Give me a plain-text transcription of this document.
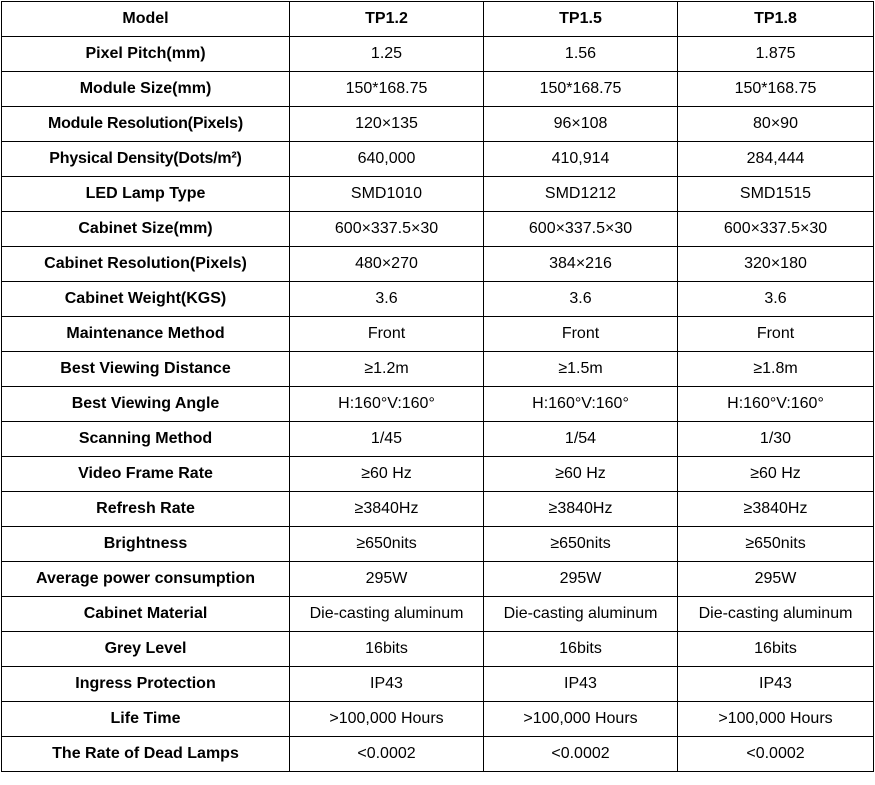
Model	TP1.2	TP1.5	TP1.8
Pixel Pitch(mm)	1.25	1.56	1.875
Module Size(mm)	150*168.75	150*168.75	150*168.75
Module Resolution(Pixels)	120×135	96×108	80×90
Physical Density(Dots/m²)	640,000	410,914	284,444
LED Lamp Type	SMD1010	SMD1212	SMD1515
Cabinet Size(mm)	600×337.5×30	600×337.5×30	600×337.5×30
Cabinet Resolution(Pixels)	480×270	384×216	320×180
Cabinet Weight(KGS)	3.6	3.6	3.6
Maintenance Method	Front	Front	Front
Best Viewing Distance	≥1.2m	≥1.5m	≥1.8m
Best Viewing Angle	H:160°V:160°	H:160°V:160°	H:160°V:160°
Scanning Method	1/45	1/54	1/30
Video Frame Rate	≥60 Hz	≥60 Hz	≥60 Hz
Refresh Rate	≥3840Hz	≥3840Hz	≥3840Hz
Brightness	≥650nits	≥650nits	≥650nits
Average power consumption	295W	295W	295W
Cabinet Material	Die-casting aluminum	Die-casting aluminum	Die-casting aluminum
Grey Level	16bits	16bits	16bits
Ingress Protection	IP43	IP43	IP43
Life Time	>100,000 Hours	>100,000 Hours	>100,000 Hours
The Rate of Dead Lamps	<0.0002	<0.0002	<0.0002
